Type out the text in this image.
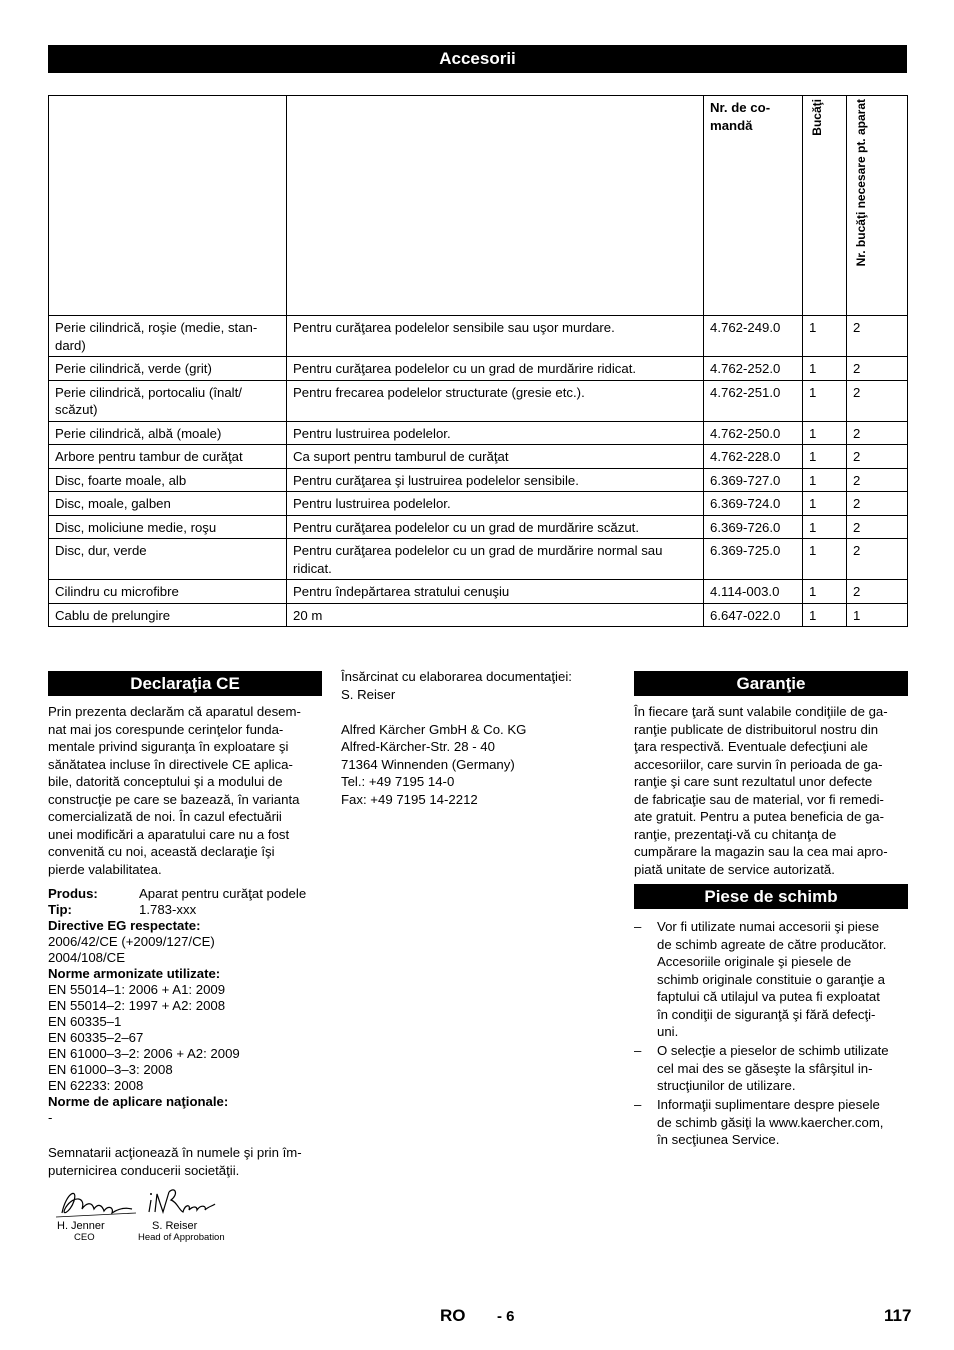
Accesorii
		Nr. de co-
mandă	Bucăţi	Nr. bucăţi necesare pt. aparat

Perie cilindrică, roşie (medie, stan-
dard)	Pentru curăţarea podelelor sensibile sau uşor murdare.	4.762-249.0	1	2
Perie cilindrică, verde (grit)	Pentru curăţarea podelelor cu un grad de murdărire ridicat.	4.762-252.0	1	2
Perie cilindrică, portocaliu (înalt/
scăzut)	Pentru frecarea podelelor structurate (gresie etc.).	4.762-251.0	1	2
Perie cilindrică, albă (moale)	Pentru lustruirea podelelor.	4.762-250.0	1	2
Arbore pentru tambur de curăţat	Ca suport pentru tamburul de curăţat	4.762-228.0	1	2
Disc, foarte moale, alb	Pentru curăţarea şi lustruirea podelelor sensibile.	6.369-727.0	1	2
Disc, moale, galben	Pentru lustruirea podelelor.	6.369-724.0	1	2
Disc, moliciune medie, roşu	Pentru curăţarea podelelor cu un grad de murdărire scăzut.	6.369-726.0	1	2
Disc, dur, verde	Pentru curăţarea podelelor cu un grad de murdărire normal sau ridicat.	6.369-725.0	1	2
Cilindru cu microfibre	Pentru îndepărtarea stratului cenuşiu	4.114-003.0	1	2
Cablu de prelungire	20 m	6.647-022.0	1	1
Declaraţia CE
Prin prezenta declarăm că aparatul desem-
nat mai jos corespunde cerinţelor funda-
mentale privind siguranţa în exploatare şi
sănătatea incluse în directivele CE aplica-
bile, datorită conceptului şi a modului de
construcţie pe care se bazează, în varianta
comercializată de noi. În cazul efectuării
unei modificări a aparatului care nu a fost
convenită cu noi, această declaraţie îşi
pierde valabilitatea.
Produs:	Aparat pentru curăţat podele
Tip:	1.783-xxx
Directive EG respectate:
2006/42/CE (+2009/127/CE)
2004/108/CE
Norme armonizate utilizate:
EN 55014–1: 2006 + A1: 2009
EN 55014–2: 1997 + A2: 2008
EN 60335–1
EN 60335–2–67
EN 61000–3–2: 2006 + A2: 2009
EN 61000–3–3: 2008
EN 62233: 2008
Norme de aplicare naţionale:
-
Semnatarii acţionează în numele şi prin îm-
puternicirea conducerii societăţii.
H. Jenner
CEO
S. Reiser
Head of Approbation
Însărcinat cu elaborarea documentaţiei:
S. Reiser
Alfred Kärcher GmbH & Co. KG
Alfred-Kärcher-Str. 28 - 40
71364 Winnenden (Germany)
Tel.: +49 7195 14-0
Fax: +49 7195 14-2212
Garanţie
În fiecare ţară sunt valabile condiţiile de ga-
ranţie publicate de distribuitorul nostru din
ţara respectivă. Eventuale defecţiuni ale
accesoriilor, care survin în perioada de ga-
ranţie şi care sunt rezultatul unor defecte
de fabricaţie sau de material, vor fi remedi-
ate gratuit. Pentru a putea beneficia de ga-
ranţie, prezentaţi-vă cu chitanţa de
cumpărare la magazin sau la cea mai apro-
piată unitate de service autorizată.
Piese de schimb
– Vor fi utilizate numai accesorii şi piese
de schimb agreate de către producător.
Accesoriile originale şi piesele de
schimb originale constituie o garanţie a
faptului că utilajul va putea fi exploatat
în condiţii de siguranţă şi fără defecţi-
uni.
– O selecţie a pieselor de schimb utilizate
cel mai des se găseşte la sfârşitul in-
strucţiunilor de utilizare.
– Informaţii suplimentare despre piesele
de schimb găsiţi la www.kaercher.com,
în secţiunea Service.
RO - 6	117
